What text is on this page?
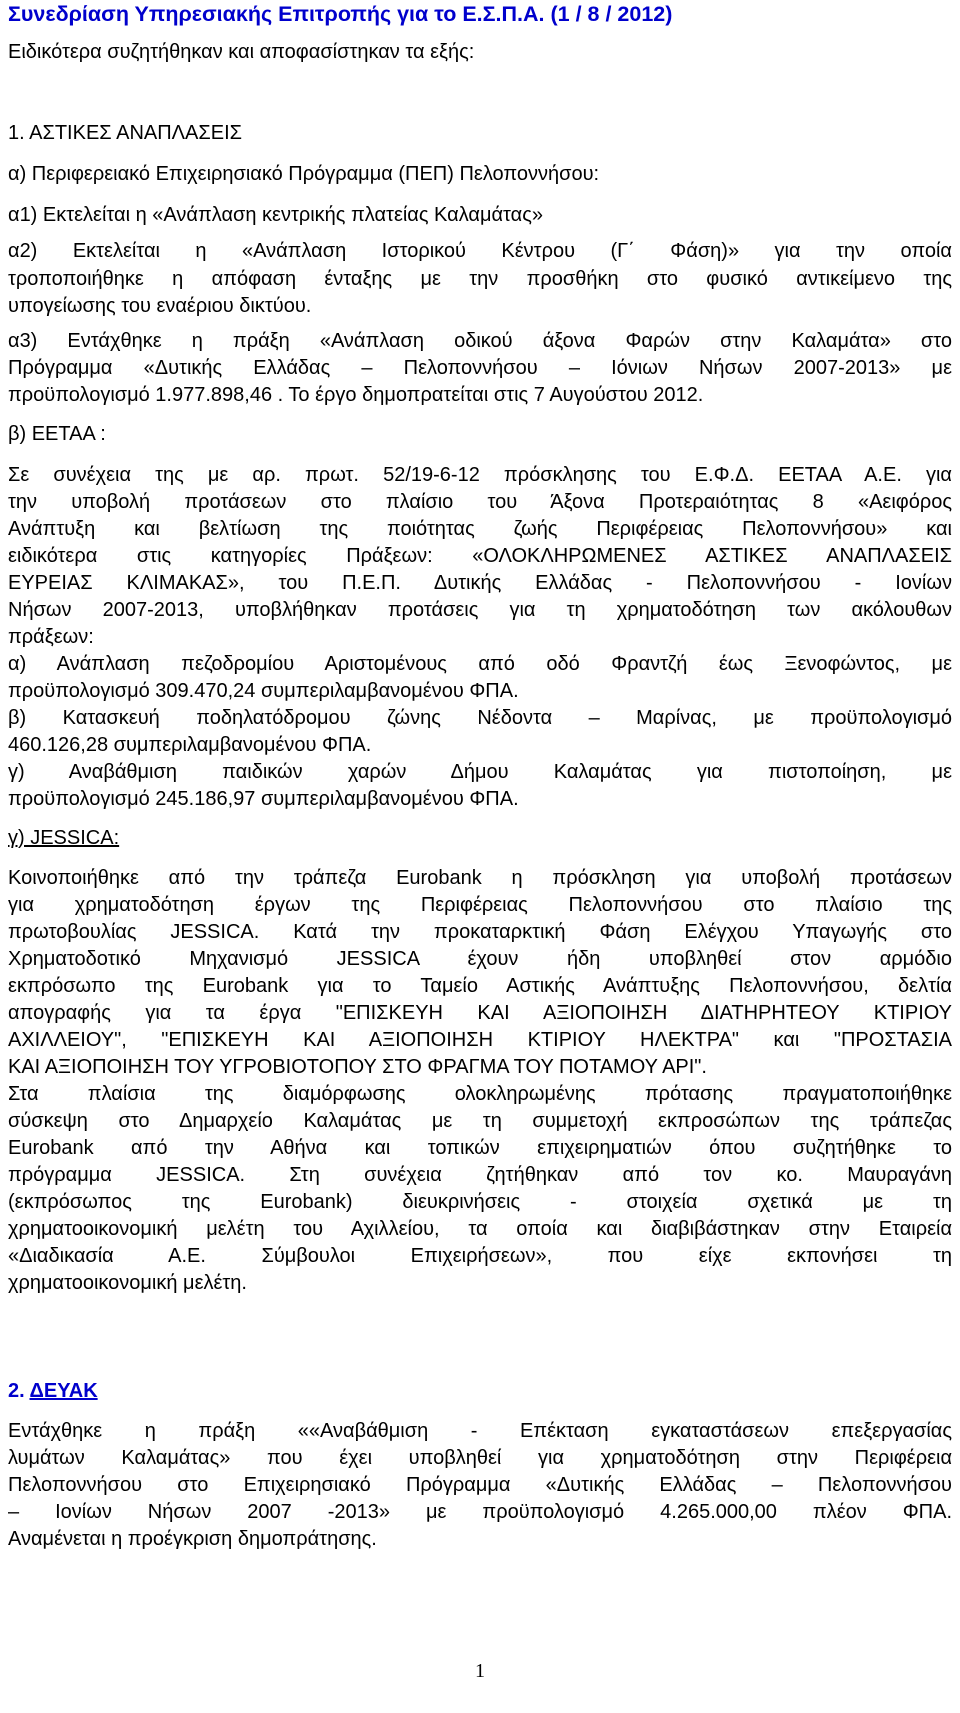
Συνεδρίαση Υπηρεσιακής Επιτροπής για το Ε.Σ.Π.Α. (1 / 8 / 2012)
Ειδικότερα συζητήθηκαν και αποφασίστηκαν τα εξής:
1. ΑΣΤΙΚΕΣ ΑΝΑΠΛΑΣΕΙΣ
α) Περιφερειακό Επιχειρησιακό Πρόγραμμα (ΠΕΠ) Πελοποννήσου:
α1) Εκτελείται η «Ανάπλαση κεντρικής πλατείας Καλαμάτας»
α2) Εκτελείται η «Ανάπλαση Ιστορικού Κέντρου (Γ΄ Φάση)» για την οποία
τροποποιήθηκε η απόφαση ένταξης με την προσθήκη στο φυσικό αντικείμενο της
υπογείωσης του εναέριου δικτύου.
α3) Εντάχθηκε η πράξη «Ανάπλαση οδικού άξονα Φαρών στην Καλαμάτα» στο
Πρόγραμμα «Δυτικής Ελλάδας – Πελοποννήσου – Ιόνιων Νήσων 2007-2013» με
προϋπολογισμό 1.977.898,46 . Το έργο δημοπρατείται στις 7 Αυγούστου 2012.
β) ΕΕΤΑΑ :
Σε συνέχεια της με αρ. πρωτ. 52/19-6-12 πρόσκλησης του Ε.Φ.Δ. ΕΕΤΑΑ Α.Ε. για
την υποβολή προτάσεων στο πλαίσιο του Άξονα Προτεραιότητας 8 «Αειφόρος
Ανάπτυξη και βελτίωση της ποιότητας ζωής Περιφέρειας Πελοποννήσου» και
ειδικότερα στις κατηγορίες Πράξεων: «ΟΛΟΚΛΗΡΩΜΕΝΕΣ ΑΣΤΙΚΕΣ ΑΝΑΠΛΑΣΕΙΣ
ΕΥΡΕΙΑΣ ΚΛΙΜΑΚΑΣ», του Π.Ε.Π. Δυτικής Ελλάδας - Πελοποννήσου - Ιονίων
Νήσων 2007-2013, υποβλήθηκαν προτάσεις για τη χρηματοδότηση των ακόλουθων
πράξεων:
α) Ανάπλαση πεζοδρομίου Αριστομένους από οδό Φραντζή έως Ξενοφώντος, με
προϋπολογισμό 309.470,24 συμπεριλαμβανομένου ΦΠΑ.
β) Κατασκευή ποδηλατόδρομου ζώνης Νέδοντα – Μαρίνας, με προϋπολογισμό
460.126,28 συμπεριλαμβανομένου ΦΠΑ.
γ) Αναβάθμιση παιδικών χαρών Δήμου Καλαμάτας για πιστοποίηση, με
προϋπολογισμό 245.186,97 συμπεριλαμβανομένου ΦΠΑ.
γ) JESSICA:
Κοινοποιήθηκε από την τράπεζα Eurobank η πρόσκληση για υποβολή προτάσεων
για χρηματοδότηση έργων της Περιφέρειας Πελοποννήσου στο πλαίσιο της
πρωτοβουλίας JESSICA. Κατά την προκαταρκτική Φάση Ελέγχου Υπαγωγής στο
Χρηματοδοτικό Μηχανισμό JESSICA έχουν ήδη υποβληθεί στον αρμόδιο
εκπρόσωπο της Eurobank για το Ταμείο Αστικής Ανάπτυξης Πελοποννήσου, δελτία
απογραφής για τα έργα "ΕΠΙΣΚΕΥΗ ΚΑΙ ΑΞΙΟΠΟΙΗΣΗ ΔΙΑΤΗΡΗΤΕΟΥ ΚΤΙΡΙΟΥ
ΑΧΙΛΛΕΙΟΥ", "ΕΠΙΣΚΕΥΗ ΚΑΙ ΑΞΙΟΠΟΙΗΣΗ ΚΤΙΡΙΟΥ ΗΛΕΚΤΡΑ" και "ΠΡΟΣΤΑΣΙΑ
ΚΑΙ ΑΞΙΟΠΟΙΗΣΗ ΤΟΥ ΥΓΡΟΒΙΟΤΟΠΟΥ ΣΤΟ ΦΡΑΓΜΑ ΤΟΥ ΠΟΤΑΜΟΥ ΑΡΙ".
Στα πλαίσια της διαμόρφωσης ολοκληρωμένης πρότασης πραγματοποιήθηκε
σύσκεψη στο Δημαρχείο Καλαμάτας με τη συμμετοχή εκπροσώπων της τράπεζας
Eurobank από την Αθήνα και τοπικών επιχειρηματιών όπου συζητήθηκε το
πρόγραμμα JESSICA. Στη συνέχεια ζητήθηκαν από τον κο. Μαυραγάνη
(εκπρόσωπος της Eurobank) διευκρινήσεις - στοιχεία σχετικά με τη
χρηματοοικονομική μελέτη του Αχιλλείου, τα οποία και διαβιβάστηκαν στην Εταιρεία
«Διαδικασία Α.Ε. Σύμβουλοι Επιχειρήσεων», που είχε εκπονήσει τη
χρηματοοικονομική μελέτη.
2. ΔΕΥΑΚ
Εντάχθηκε η πράξη ««Αναβάθμιση - Επέκταση εγκαταστάσεων επεξεργασίας
λυμάτων Καλαμάτας» που έχει υποβληθεί για χρηματοδότηση στην Περιφέρεια
Πελοποννήσου στο Επιχειρησιακό Πρόγραμμα «Δυτικής Ελλάδας – Πελοποννήσου
– Ιονίων Νήσων 2007 -2013» με προϋπολογισμό 4.265.000,00 πλέον ΦΠΑ.
Αναμένεται η προέγκριση δημοπράτησης.
1
